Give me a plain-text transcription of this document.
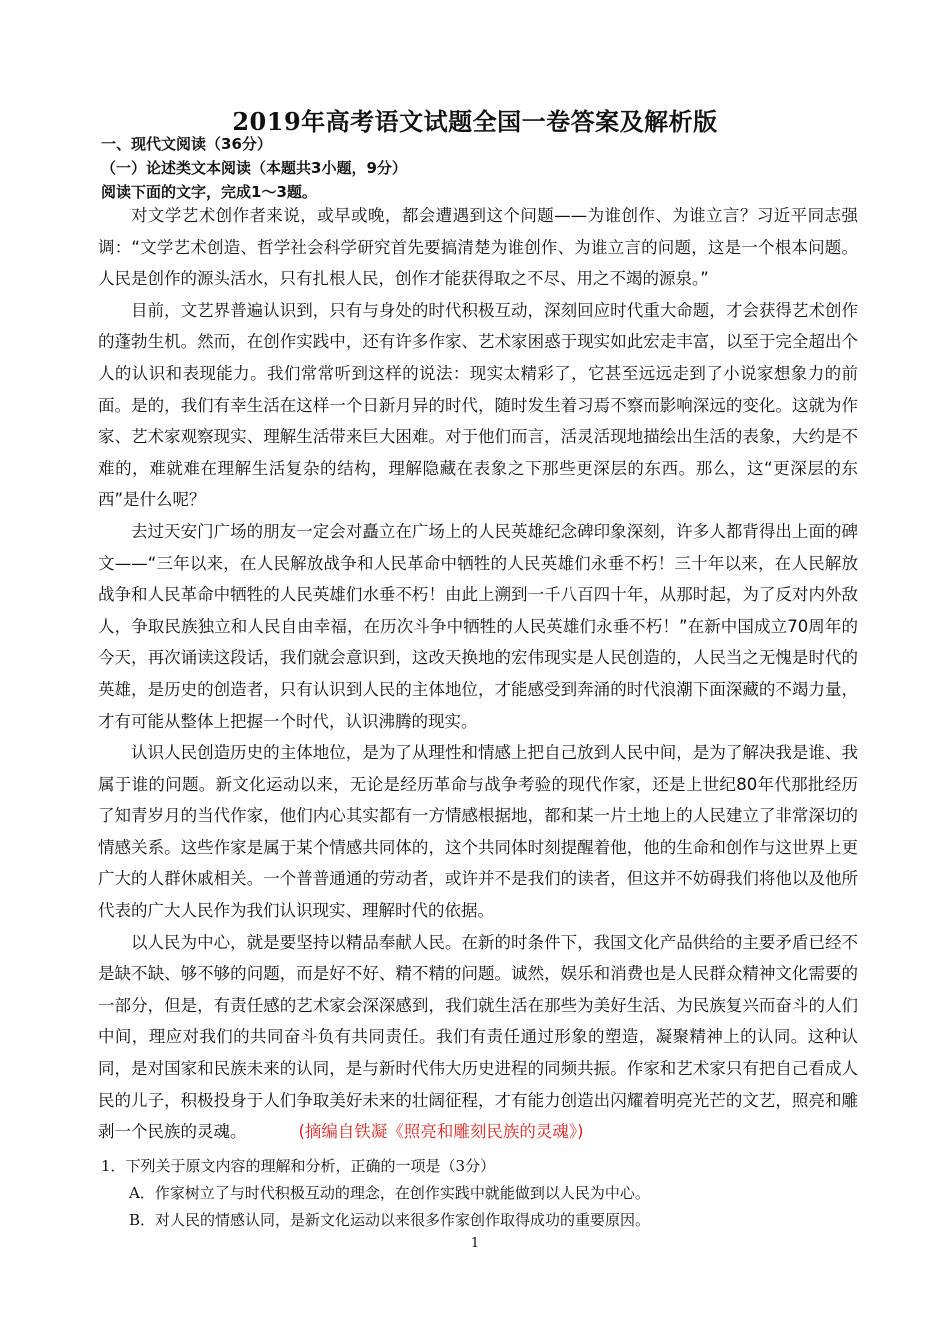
2019年高考语文试题全国一卷答案及解析版
一、现代文阅读（36分）
（一）论述类文本阅读（本题共3小题，9分）
阅读下面的文字，完成1～3题。

对文学艺术创作者来说，或早或晚，都会遭遇到这个问题——为谁创作、为谁立言？习近平同志强调：“文学艺术创造、哲学社会科学研究首先要搞清楚为谁创作、为谁立言的问题，这是一个根本问题。人民是创作的源头活水，只有扎根人民，创作才能获得取之不尽、用之不竭的源泉。”

目前，文艺界普遍认识到，只有与身处的时代积极互动，深刻回应时代重大命题，才会获得艺术创作的蓬勃生机。然而，在创作实践中，还有许多作家、艺术家困惑于现实如此宏走丰富，以至于完全超出个人的认识和表现能力。我们常常听到这样的说法：现实太精彩了，它甚至远远走到了小说家想象力的前面。是的，我们有幸生活在这样一个日新月异的时代，随时发生着习焉不察而影响深远的变化。这就为作家、艺术家观察现实、理解生活带来巨大困难。对于他们而言，活灵活现地描绘出生活的表象，大约是不难的，难就难在理解生活复杂的结构，理解隐藏在表象之下那些更深层的东西。那么，这“更深层的东西”是什么呢？

去过天安门广场的朋友一定会对矗立在广场上的人民英雄纪念碑印象深刻，许多人都背得出上面的碑文——“三年以来，在人民解放战争和人民革命中牺牲的人民英雄们永垂不朽！三十年以来，在人民解放战争和人民革命中牺牲的人民英雄们水垂不朽！由此上溯到一千八百四十年，从那时起，为了反对内外敌人，争取民族独立和人民自由幸福，在历次斗争中牺牲的人民英雄们永垂不朽！”在新中国成立70周年的今天，再次诵读这段话，我们就会意识到，这改天换地的宏伟现实是人民创造的，人民当之无愧是时代的英雄，是历史的创造者，只有认识到人民的主体地位，才能感受到奔涌的时代浪潮下面深藏的不竭力量，才有可能从整体上把握一个时代，认识沸腾的现实。

认识人民创造历史的主体地位，是为了从理性和情感上把自己放到人民中间，是为了解决我是谁、我属于谁的问题。新文化运动以来，无论是经历革命与战争考验的现代作家，还是上世纪80年代那批经历了知青岁月的当代作家，他们内心其实都有一方情感根据地，都和某一片土地上的人民建立了非常深切的情感关系。这些作家是属于某个情感共同体的，这个共同体时刻提醒着他，他的生命和创作与这世界上更广大的人群休戚相关。一个普普通通的劳动者，或许并不是我们的读者，但这并不妨碍我们将他以及他所代表的广大人民作为我们认识现实、理解时代的依据。

以人民为中心，就是要坚持以精品奉献人民。在新的时条件下，我国文化产品供给的主要矛盾已经不是缺不缺、够不够的问题，而是好不好、精不精的问题。诚然，娱乐和消费也是人民群众精神文化需要的一部分，但是，有责任感的艺术家会深深感到，我们就生活在那些为美好生活、为民族复兴而奋斗的人们中间，理应对我们的共同奋斗负有共同责任。我们有责任通过形象的塑造，凝聚精神上的认同。这种认同，是对国家和民族未来的认同，是与新时代伟大历史进程的同频共振。作家和艺术家只有把自己看成人民的儿子，积极投身于人们争取美好未来的壮阔征程，才有能力创造出闪耀着明亮光芒的文艺，照亮和雕剥一个民族的灵魂。	(摘编自铁凝《照亮和雕刻民族的灵魂》)

1．下列关于原文内容的理解和分析，正确的一项是（3分）
A．作家树立了与时代积极互动的理念，在创作实践中就能做到以人民为中心。
B．对人民的情感认同，是新文化运动以来很多作家创作取得成功的重要原因。
1
